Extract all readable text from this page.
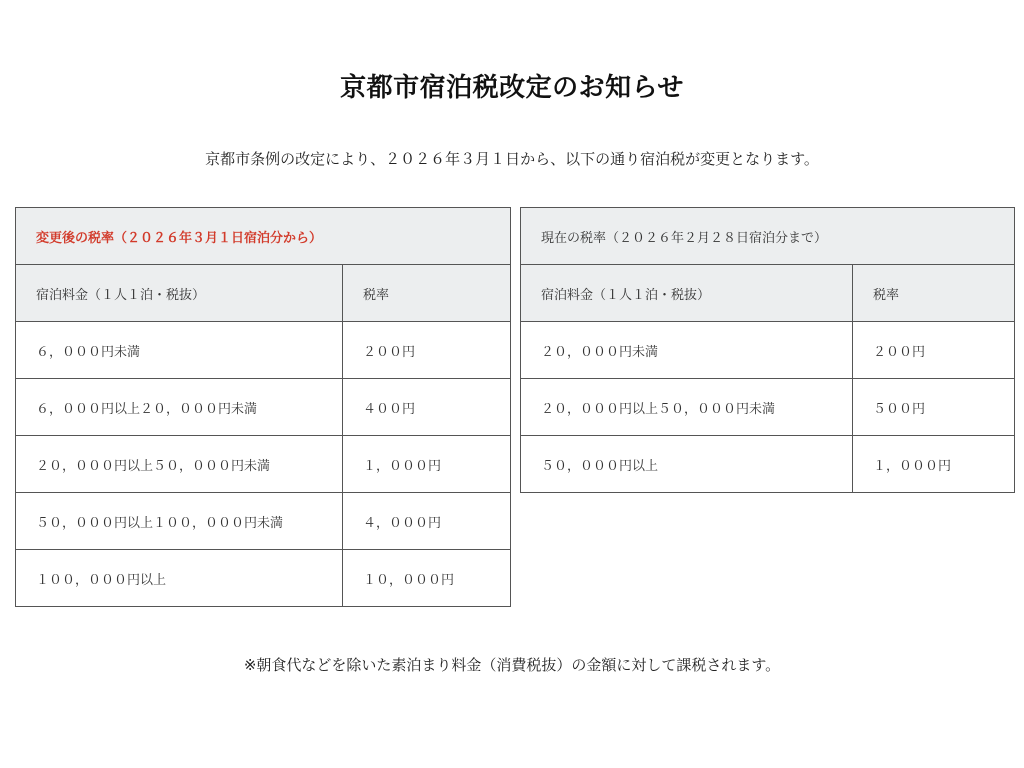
京都市宿泊税改定のお知らせ
京都市条例の改定により、２０２６年３月１日から、以下の通り宿泊税が変更となります。
変更後の税率（２０２６年３月１日宿泊分から）	
宿泊料金（１人１泊・税抜）	税率
６，０００円未満	２００円
６，０００円以上２０，０００円未満	４００円
２０，０００円以上５０，０００円未満	１，０００円
５０，０００円以上１００，０００円未満	４，０００円
１００，０００円以上	１０，０００円
現在の税率（２０２６年２月２８日宿泊分まで）	
宿泊料金（１人１泊・税抜）	税率
２０，０００円未満	２００円
２０，０００円以上５０，０００円未満	５００円
５０，０００円以上	１，０００円
※朝食代などを除いた素泊まり料金（消費税抜）の金額に対して課税されます。
